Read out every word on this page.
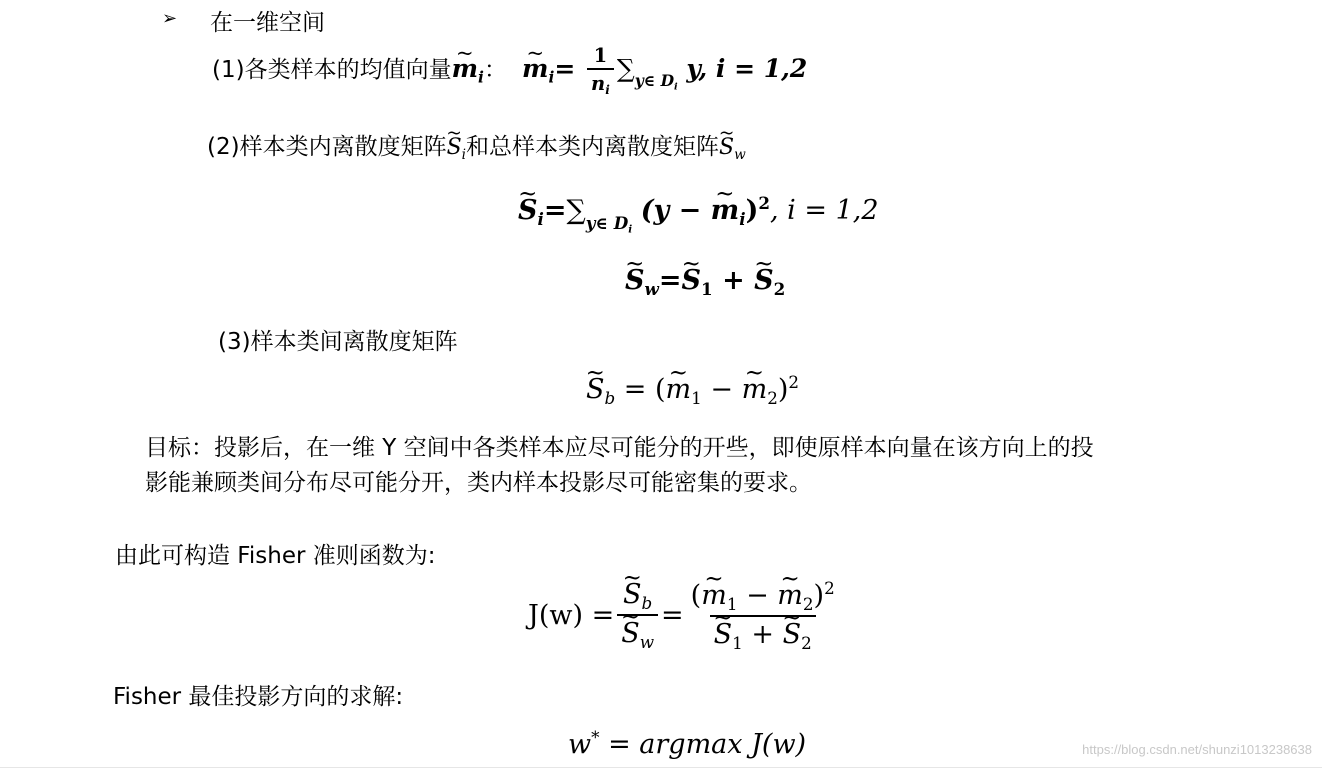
➢ 在一维空间
(1)各类样本的均值向量~ $m_i$： ~ $m_i= \frac{1}{n_i} \sum_{y\in D_i}$ y, i = 1,2
(2)样本类内离散度矩阵~ $S_i$和总样本类内离散度矩阵~ $S_w$
~ $S_i=\sum_{y\in D_i}$ (y − ~ $m_i)^2$, i = 1,2
~ $S_w=\sim$ $S_1$ + ~ $S_2$
(3)样本类间离散度矩阵
~ $S_b$ = (~ $m_1$ − ~ $m_2)^2$
目标：投影后，在一维 Y 空间中各类样本应尽可能分的开些，即使原样本向量在该方向上的投
影能兼顾类间分布尽可能分开，类内样本投影尽可能密集的要求。
由此可构造 Fisher 准则函数为:
J(w) = ~ $S_b$
~ $S_w$ = (~ $m_1$ − ~ $m_2)^2$
~ $S_1$ + ~ $S_2$
Fisher 最佳投影方向的求解:
w* = argmax J(w)	https://blog.csdn.net/shunzi1013238638
